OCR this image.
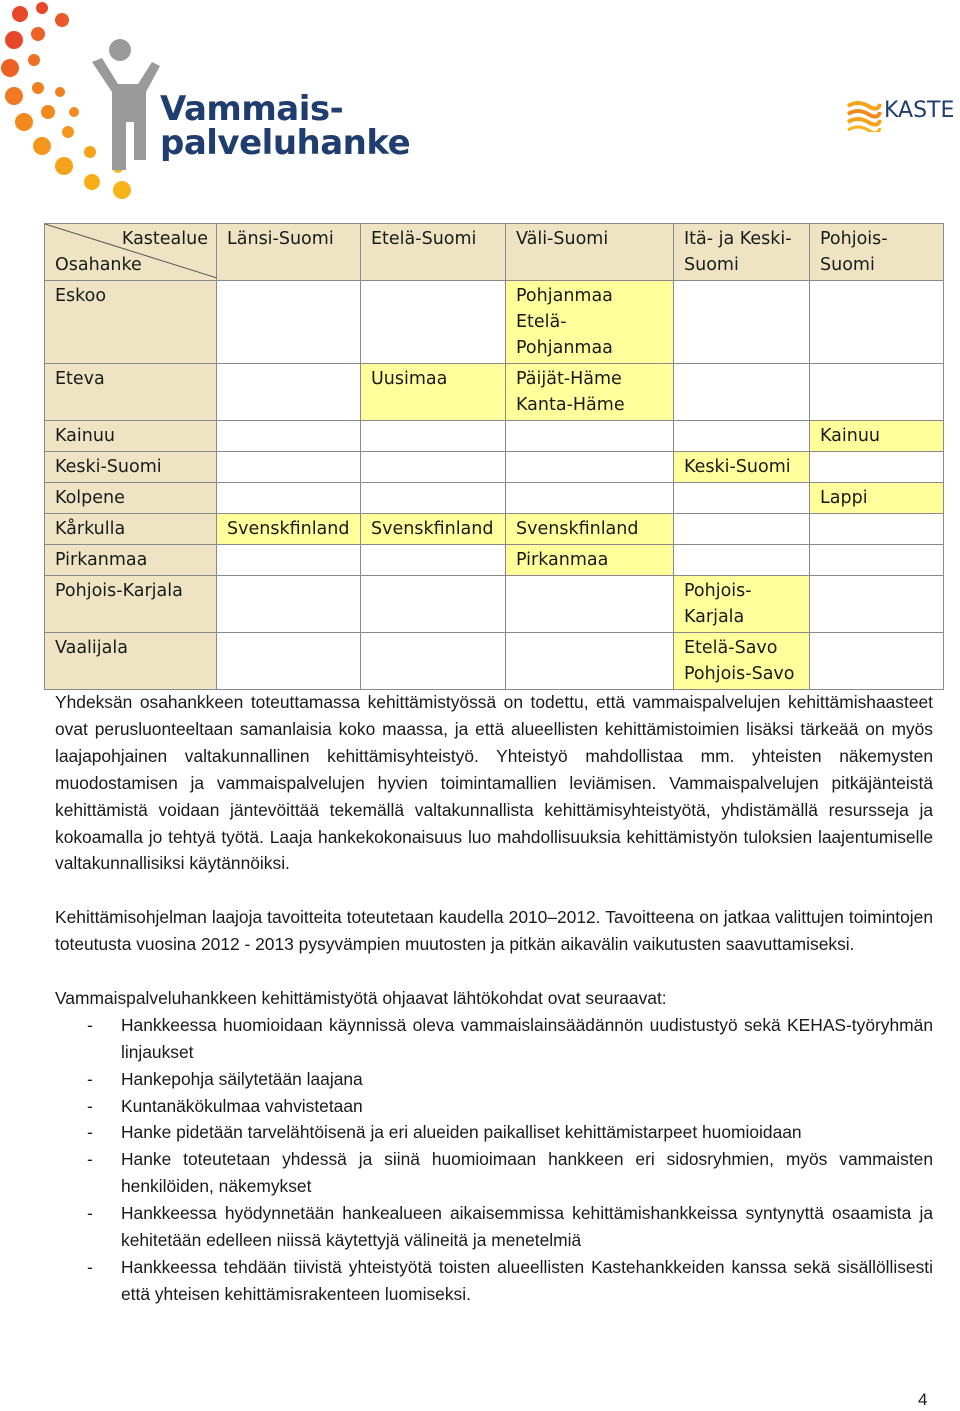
Vammais-
palveluhanke
KASTE
Kastealue
Osahanke	Länsi-Suomi	Etelä-Suomi	Väli-Suomi	Itä- ja Keski-Suomi	Pohjois-Suomi
Eskoo			Pohjanmaa
Etelä-Pohjanmaa		
Eteva		Uusimaa	Päijät-Häme
Kanta-Häme		
Kainuu					Kainuu
Keski-Suomi				Keski-Suomi	
Kolpene					Lappi
Kårkulla	Svenskfinland	Svenskfinland	Svenskfinland		
Pirkanmaa			Pirkanmaa		
Pohjois-Karjala				Pohjois-Karjala	
Vaalijala				Etelä-Savo
Pohjois-Savo	

Yhdeksän osahankkeen toteuttamassa kehittämistyössä on todettu, että vammaispalvelujen kehittämishaasteet ovat perusluonteeltaan samanlaisia koko maassa, ja että alueellisten kehittämistoimien lisäksi tärkeää on myös laajapohjainen valtakunnallinen kehittämisyhteistyö. Yhteistyö mahdollistaa mm. yhteisten näkemysten muodostamisen ja vammaispalvelujen hyvien toimintamallien leviämisen. Vammaispalvelujen pitkäjänteistä kehittämistä voidaan jäntevöittää tekemällä valtakunnallista kehittämisyhteistyötä, yhdistämällä resursseja ja kokoamalla jo tehtyä työtä. Laaja hankekokonaisuus luo mahdollisuuksia kehittämistyön tuloksien laajentumiselle valtakunnallisiksi käytännöiksi.

Kehittämisohjelman laajoja tavoitteita toteutetaan kaudella 2010–2012. Tavoitteena on jatkaa valittujen toimintojen toteutusta vuosina 2012 - 2013 pysyvämpien muutosten ja pitkän aikavälin vaikutusten saavuttamiseksi.

Vammaispalveluhankkeen kehittämistyötä ohjaavat lähtökohdat ovat seuraavat:

- Hankkeessa huomioidaan käynnissä oleva vammaislainsäädännön uudistustyö sekä KEHAS-työryhmän linjaukset
- Hankepohja säilytetään laajana
- Kuntanäkökulmaa vahvistetaan
- Hanke pidetään tarvelähtöisenä ja eri alueiden paikalliset kehittämistarpeet huomioidaan
- Hanke toteutetaan yhdessä ja siinä huomioimaan hankkeen eri sidosryhmien, myös vammaisten henkilöiden, näkemykset
- Hankkeessa hyödynnetään hankealueen aikaisemmissa kehittämishankkeissa syntynyttä osaamista ja kehitetään edelleen niissä käytettyjä välineitä ja menetelmiä
- Hankkeessa tehdään tiivistä yhteistyötä toisten alueellisten Kastehankkeiden kanssa sekä sisällöllisesti että yhteisen kehittämisrakenteen luomiseksi.
4
